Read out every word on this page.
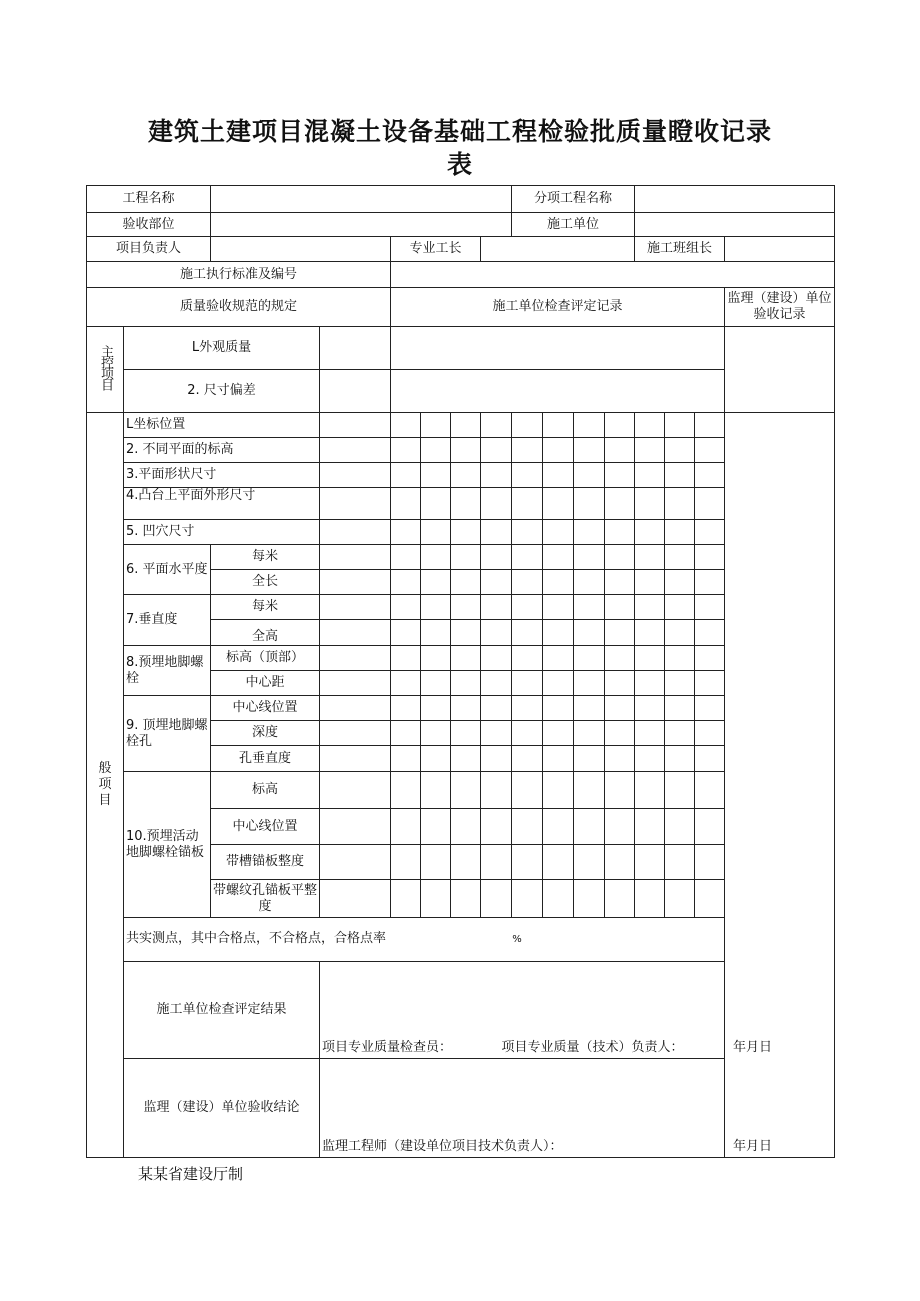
建筑土建项目混凝土设备基础工程检验批质量瞪收记录
表
工程名称								分项工程名称							
验收部位								施工单位							
项目负责人				专业工长								施工班组长			
施工执行标准及编号															
质量验收规范的规定				施工单位检查评定记录											监理（建设）单位验收记录
主控项目	L外观质量														
	2. 尺寸偏差														
般
项
目	L坐标位置														
	2. 不同平面的标高														
	3.平面形状尺寸														
	4.凸台上平面外形尺寸														
	5. 凹穴尺寸														
	6. 平面水平度	每米													
		全长													
	7.垂直度	每米													
		全高													
	8.预埋地脚螺栓	标高（顶部）													
		中心距													
	9. 顶埋地脚螺栓孔	中心线位置													
		深度													
		孔垂直度													
	10.预埋活动地脚螺栓锚板	标高													
		中心线位置													
		带槽锚板整度													
		带螺纹孔锚板平整度													
	共实测点，其中合格点，不合格点，合格点率 %														
	施工单位检查评定结果		项目专业质量检查员： 项目专业质量（技术）负责人： 年月日												

	监理（建设）单位验收结论		监理工程师（建设单位项目技术负责人）： 年月日												
某某省建设厅制
